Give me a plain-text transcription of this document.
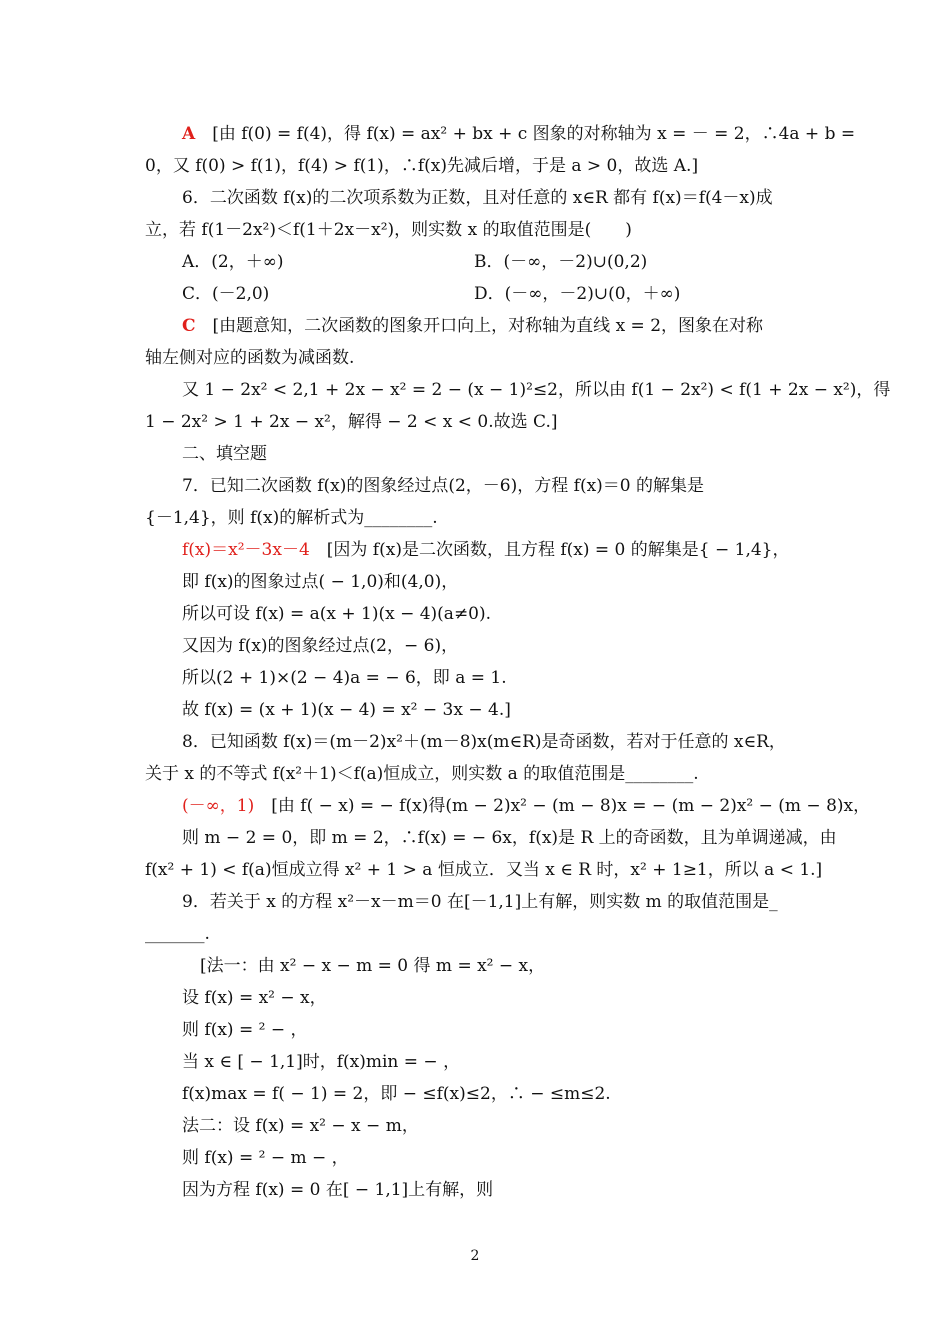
A　 [由 f(0) = f(4)，得 f(x) = ax² + bx + c 图象的对称轴为 x = － = 2，∴4a + b =
0，又 f(0) > f(1)，f(4) > f(1)，∴f(x)先减后增，于是 a > 0，故选 A.]
6．二次函数 f(x)的二次项系数为正数，且对任意的 x∈R 都有 f(x)＝f(4－x)成
立，若 f(1－2x²)＜f(1＋2x－x²)，则实数 x 的取值范围是(　　)
A．(2，＋∞)	B．(－∞，－2)∪(0,2)
C．(－2,0)	D．(－∞，－2)∪(0，＋∞)
C　 [由题意知，二次函数的图象开口向上，对称轴为直线 x = 2，图象在对称
轴左侧对应的函数为减函数.
又 1 − 2x² < 2,1 + 2x − x² = 2 − (x − 1)²≤2，所以由 f(1 − 2x²) < f(1 + 2x − x²)，得
1 − 2x² > 1 + 2x − x²，解得 − 2 < x < 0.故选 C.]
二、填空题
7．已知二次函数 f(x)的图象经过点(2，－6)，方程 f(x)＝0 的解集是
{－1,4}，则 f(x)的解析式为________.
f(x)＝x²－3x－4　 [因为 f(x)是二次函数，且方程 f(x) = 0 的解集是{ − 1,4}，
即 f(x)的图象过点( − 1,0)和(4,0)，
所以可设 f(x) = a(x + 1)(x − 4)(a≠0).
又因为 f(x)的图象经过点(2，− 6)，
所以(2 + 1)×(2 − 4)a = − 6，即 a = 1.
故 f(x) = (x + 1)(x − 4) = x² − 3x − 4.]
8．已知函数 f(x)＝(m－2)x²＋(m－8)x(m∈R)是奇函数，若对于任意的 x∈R，
关于 x 的不等式 f(x²＋1)＜f(a)恒成立，则实数 a 的取值范围是________.
(－∞，1)　 [由 f( − x) = − f(x)得(m − 2)x² − (m − 8)x = − (m − 2)x² − (m − 8)x，
则 m − 2 = 0，即 m = 2，∴f(x) = − 6x，f(x)是 R 上的奇函数，且为单调递减，由
f(x² + 1) < f(a)恒成立得 x² + 1 > a 恒成立．又当 x ∈ R 时，x² + 1≥1，所以 a < 1.]
9．若关于 x 的方程 x²－x－m＝0 在[－1,1]上有解，则实数 m 的取值范围是_
_______.
[法一：由 x² − x − m = 0 得 m = x² − x，
设 f(x) = x² − x，
则 f(x) = ² − ，
当 x ∈ [ − 1,1]时，f(x)min = − ，
f(x)max = f( − 1) = 2，即 − ≤f(x)≤2，∴ − ≤m≤2.
法二：设 f(x) = x² − x − m，
则 f(x) = ² − m − ，
因为方程 f(x) = 0 在[ − 1,1]上有解，则
2
